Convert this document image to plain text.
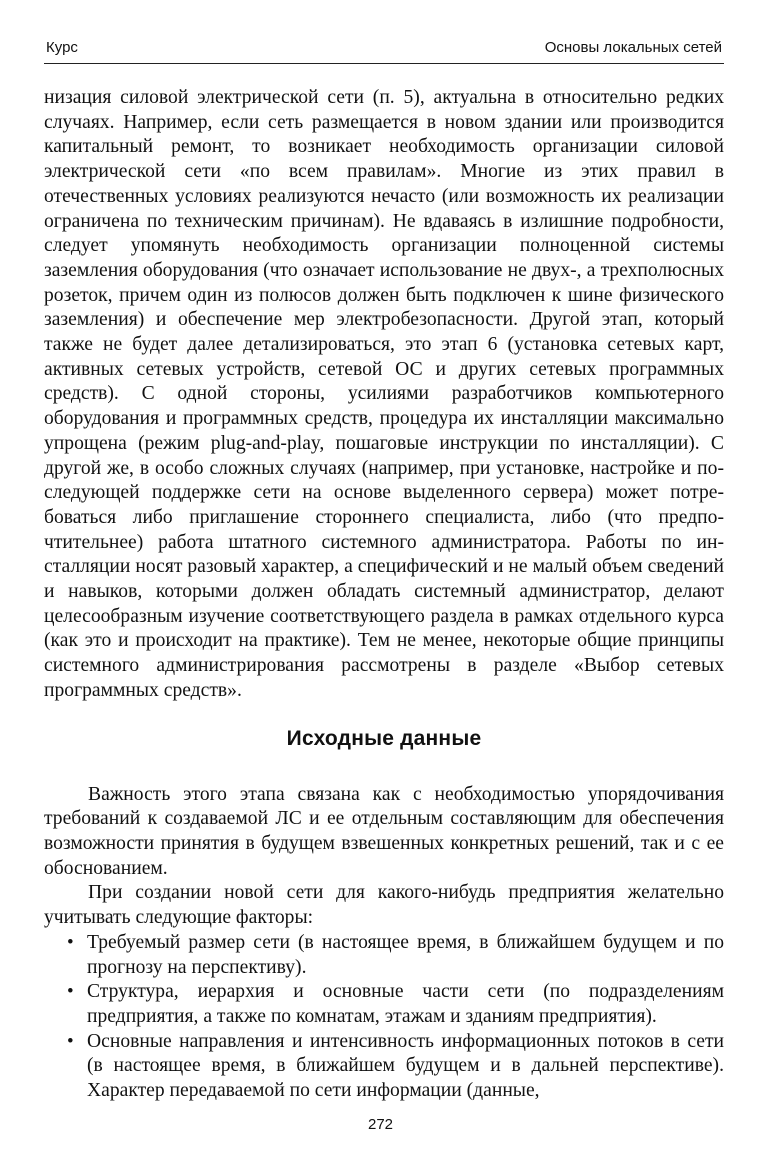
Курс	Основы локальных сетей

низация силовой электрической сети (п. 5), актуальна в относительно редких случаях. Например, если сеть размещается в новом здании или производится капитальный ремонт, то возникает необходимость организации силовой электрической сети «по всем правилам». Многие из этих правил в отечественных условиях реализуются нечасто (или возможность их реализации ограничена по техническим причинам). Не вдаваясь в излишние подробности, следует упомянуть необходимость организации полноценной системы заземления оборудования (что означает использование не двух-, а трехполюсных розеток, причем один из полюсов должен быть подключен к шине физического заземления) и обеспечение мер электробезопасности. Другой этап, который также не будет далее детализироваться, это этап 6 (установка сетевых карт, активных сетевых устройств, сетевой ОС и других сетевых программных средств). С одной стороны, усилиями разработчиков компьютерного оборудования и программных средств, процедура их инсталляции максимально упрощена (режим plug-and-play, пошаговые инструкции по инсталляции). С другой же, в особо сложных случаях (например, при установке, настройке и последующей поддержке сети на основе выделенного сервера) может потребоваться либо приглашение стороннего специалиста, либо (что предпочтительнее) работа штатного системного администратора. Работы по инсталляции носят разовый характер, а специфический и не малый объем сведений и навыков, которыми должен обладать системный администратор, делают целесообразным изучение соответствующего раздела в рамках отдельного курса (как это и происходит на практике). Тем не менее, некоторые общие принципы системного администрирования рассмотрены в разделе «Выбор сетевых программных средств».

Исходные данные

Важность этого этапа связана как с необходимостью упорядочивания требований к создаваемой ЛС и ее отдельным составляющим для обеспечения возможности принятия в будущем взвешенных конкретных решений, так и с ее обоснованием.

При создании новой сети для какого-нибудь предприятия желательно учитывать следующие факторы:

• Требуемый размер сети (в настоящее время, в ближайшем будущем и по прогнозу на перспективу).
• Структура, иерархия и основные части сети (по подразделениям предприятия, а также по комнатам, этажам и зданиям предприятия).
• Основные направления и интенсивность информационных потоков в сети (в настоящее время, в ближайшем будущем и в дальней перспективе). Характер передаваемой по сети информации (данные,
272
